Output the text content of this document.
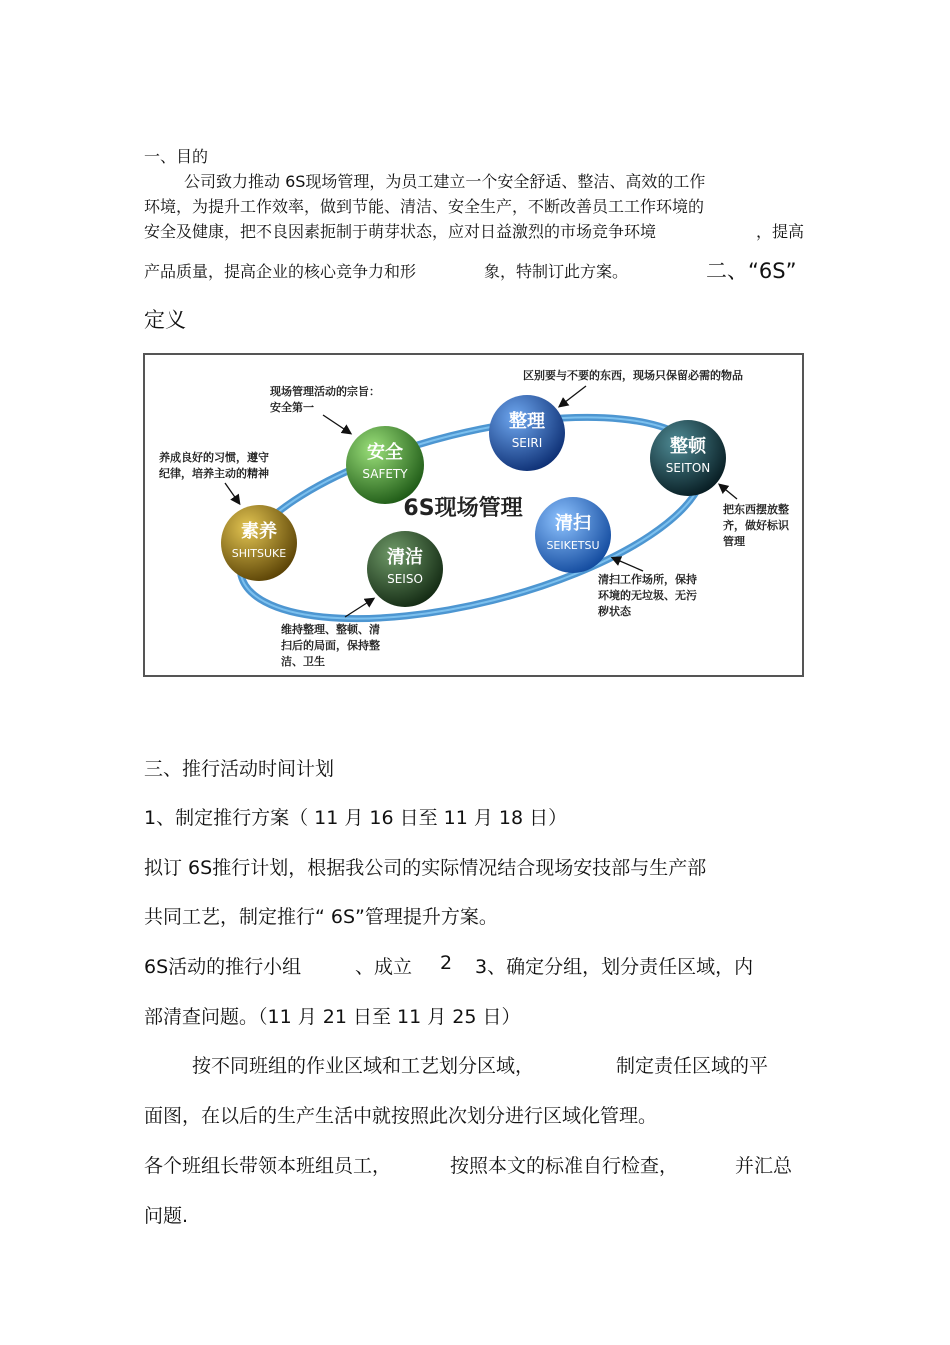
一、目的
公司致力推动 6S现场管理，为员工建立一个安全舒适、整洁、高效的工作
环境，为提升工作效率，做到节能、清洁、安全生产，不断改善员工工作环境的
安全及健康，把不良因素扼制于萌芽状态，应对日益激烈的市场竞争环境	，提高
产品质量，提高企业的核心竞争力和形	象，特制订此方案。	二、“6S”
定义
6S现场管理
安全
SAFETY
整理
SEIRI	整顿
SEITON
清扫
SEIKETSU
清洁
SEISO
素养
SHITSUKE
现场管理活动的宗旨：
安全第一
区别要与不要的东西，现场只保留必需的物品
把东西摆放整
齐，做好标识
管理
清扫工作场所，保持
环境的无垃圾、无污
秽状态
维持整理、整顿、清
扫后的局面，保持整
洁、卫生
养成良好的习惯，遵守
纪律，培养主动的精神
三、推行活动时间计划
1、制定推行方案（ 11 月 16 日至 11 月 18 日）
拟订 6S推行计划，根据我公司的实际情况结合现场安技部与生产部
共同工艺，制定推行“ 6S”管理提升方案。
6S活动的推行小组	、成立 2 3、确定分组，划分责任区域，内
部清查问题。（11 月 21 日至 11 月 25 日）
按不同班组的作业区域和工艺划分区域，	制定责任区域的平
面图，在以后的生产生活中就按照此次划分进行区域化管理。
各个班组长带领本班组员工，	按照本文的标准自行检查，	并汇总
问题.
